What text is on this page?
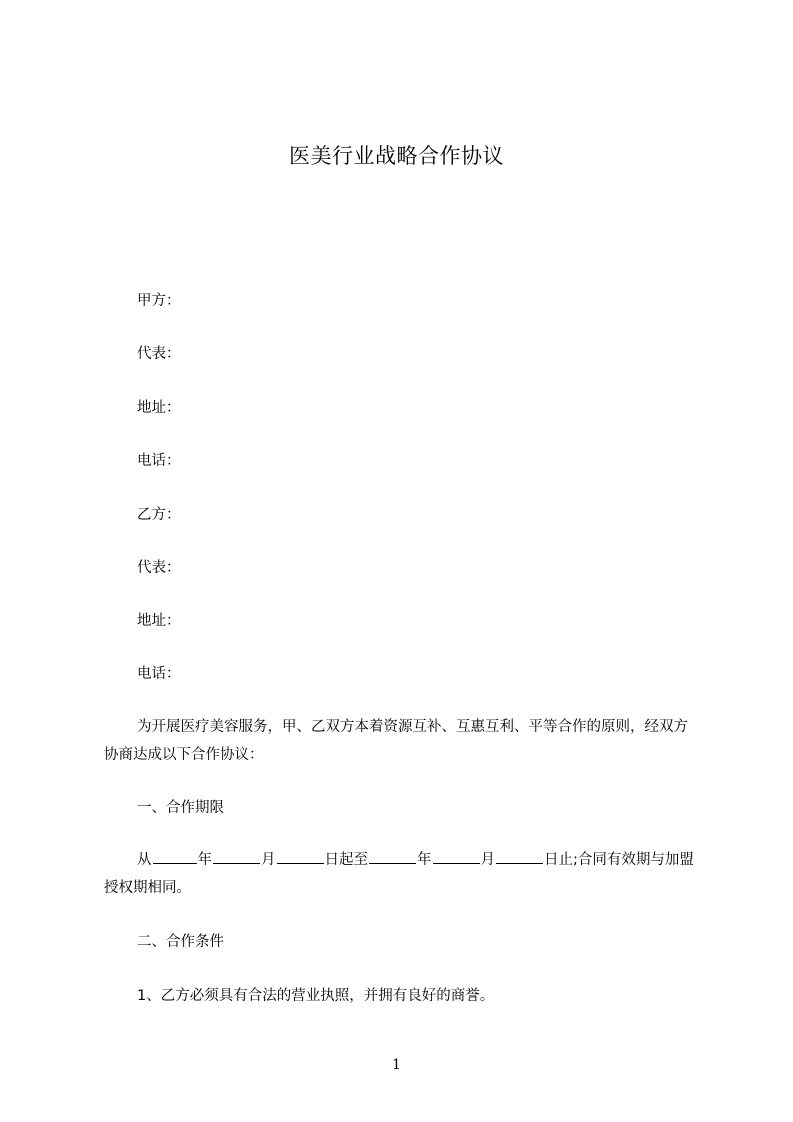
医美行业战略合作协议
甲方：
代表：
地址：
电话：
乙方：
代表：
地址：
电话：
为开展医疗美容服务，甲、乙双方本着资源互补、互惠互利、平等合作的原则，经双方协商达成以下合作协议：
一、合作期限
从	年	月	日起至	年	月	日止;合同有效期与加盟授权期相同。
二、合作条件
1、乙方必须具有合法的营业执照，并拥有良好的商誉。
1
